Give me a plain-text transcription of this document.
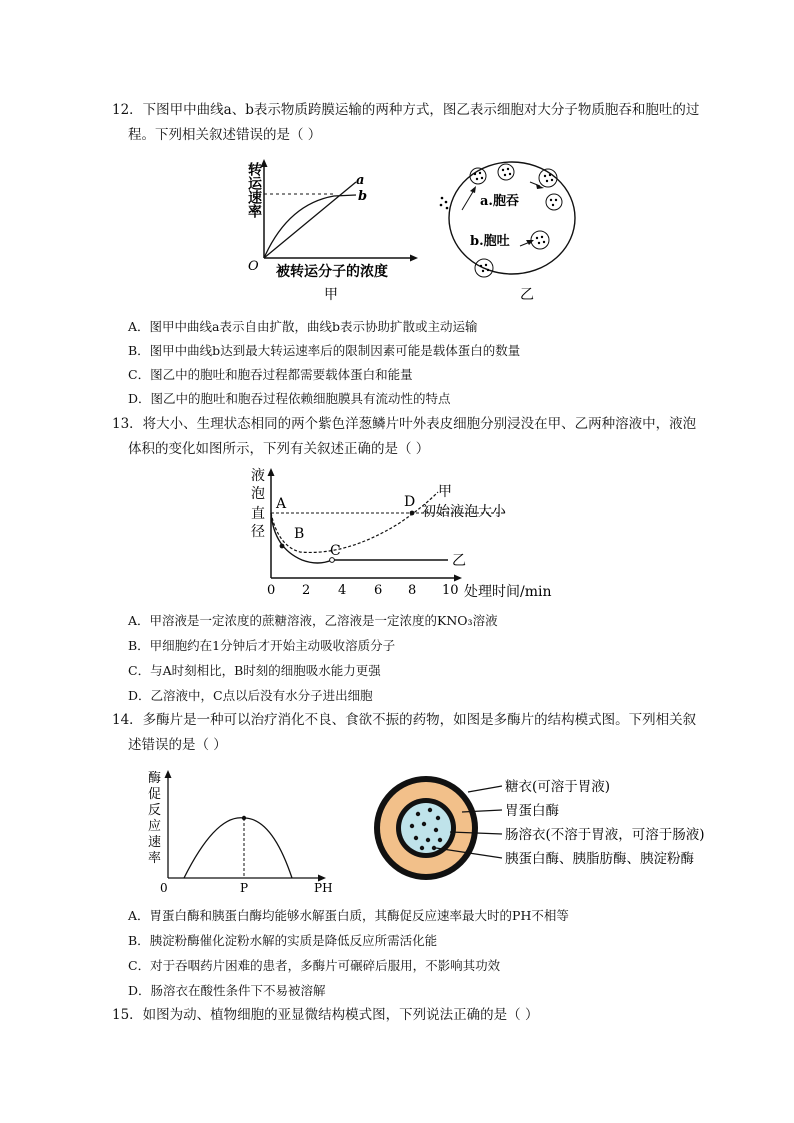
12．下图甲中曲线a、b表示物质跨膜运输的两种方式，图乙表示细胞对大分子物质胞吞和胞吐的过
程。下列相关叙述错误的是（ ）
转运速率	a
b
O 被转运分子的浓度
甲
a.胞吞
b.胞吐
乙
A．图甲中曲线a表示自由扩散，曲线b表示协助扩散或主动运输
B．图甲中曲线b达到最大转运速率后的限制因素可能是载体蛋白的数量
C．图乙中的胞吐和胞吞过程都需要载体蛋白和能量
D．图乙中的胞吐和胞吞过程依赖细胞膜具有流动性的特点
13．将大小、生理状态相同的两个紫色洋葱鳞片叶外表皮细胞分别浸没在甲、乙两种溶液中，液泡
体积的变化如图所示，下列有关叙述正确的是（ ）
液
泡
直
径
A
B
C
D
甲
初始液泡大小
乙
0 2 4 6 8 10 处理时间/min
A．甲溶液是一定浓度的蔗糖溶液，乙溶液是一定浓度的KNO₃溶液
B．甲细胞约在1分钟后才开始主动吸收溶质分子
C．与A时刻相比，B时刻的细胞吸水能力更强
D．乙溶液中，C点以后没有水分子进出细胞
14．多酶片是一种可以治疗消化不良、食欲不振的药物，如图是多酶片的结构模式图。下列相关叙
述错误的是（ ）
酶
促
反
应
速
率
0	P	PH
糖衣(可溶于胃液)
胃蛋白酶
肠溶衣(不溶于胃液，可溶于肠液)
胰蛋白酶、胰脂肪酶、胰淀粉酶
A．胃蛋白酶和胰蛋白酶均能够水解蛋白质，其酶促反应速率最大时的PH不相等
B．胰淀粉酶催化淀粉水解的实质是降低反应所需活化能
C．对于吞咽药片困难的患者，多酶片可碾碎后服用，不影响其功效
D．肠溶衣在酸性条件下不易被溶解
15．如图为动、植物细胞的亚显微结构模式图，下列说法正确的是（ ）
